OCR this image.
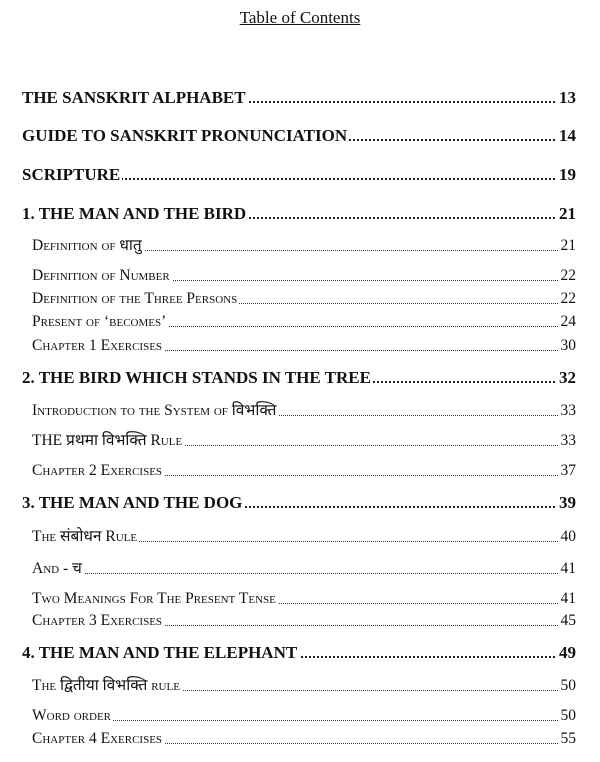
Table of Contents
THE SANSKRIT ALPHABET	13
GUIDE TO SANSKRIT PRONUNCIATION	14
SCRIPTURE	19
1. THE MAN AND THE BIRD	21
Definition of धातु	21
Definition of Number	22
Definition of the Three Persons	22
Present of ‘becomes’	24
Chapter 1 Exercises	30
2. THE BIRD WHICH STANDS IN THE TREE	32
Introduction to the System of विभक्ति	33
THE प्रथमा विभक्ति Rule	33
Chapter 2 Exercises	37
3. THE MAN AND THE DOG	39
The संबोधन Rule	40
And - च	41
Two Meanings For The Present Tense	41
Chapter 3 Exercises	45
4. THE MAN AND THE ELEPHANT	49
The द्वितीया विभक्ति rule	50
Word order	50
Chapter 4 Exercises	55
